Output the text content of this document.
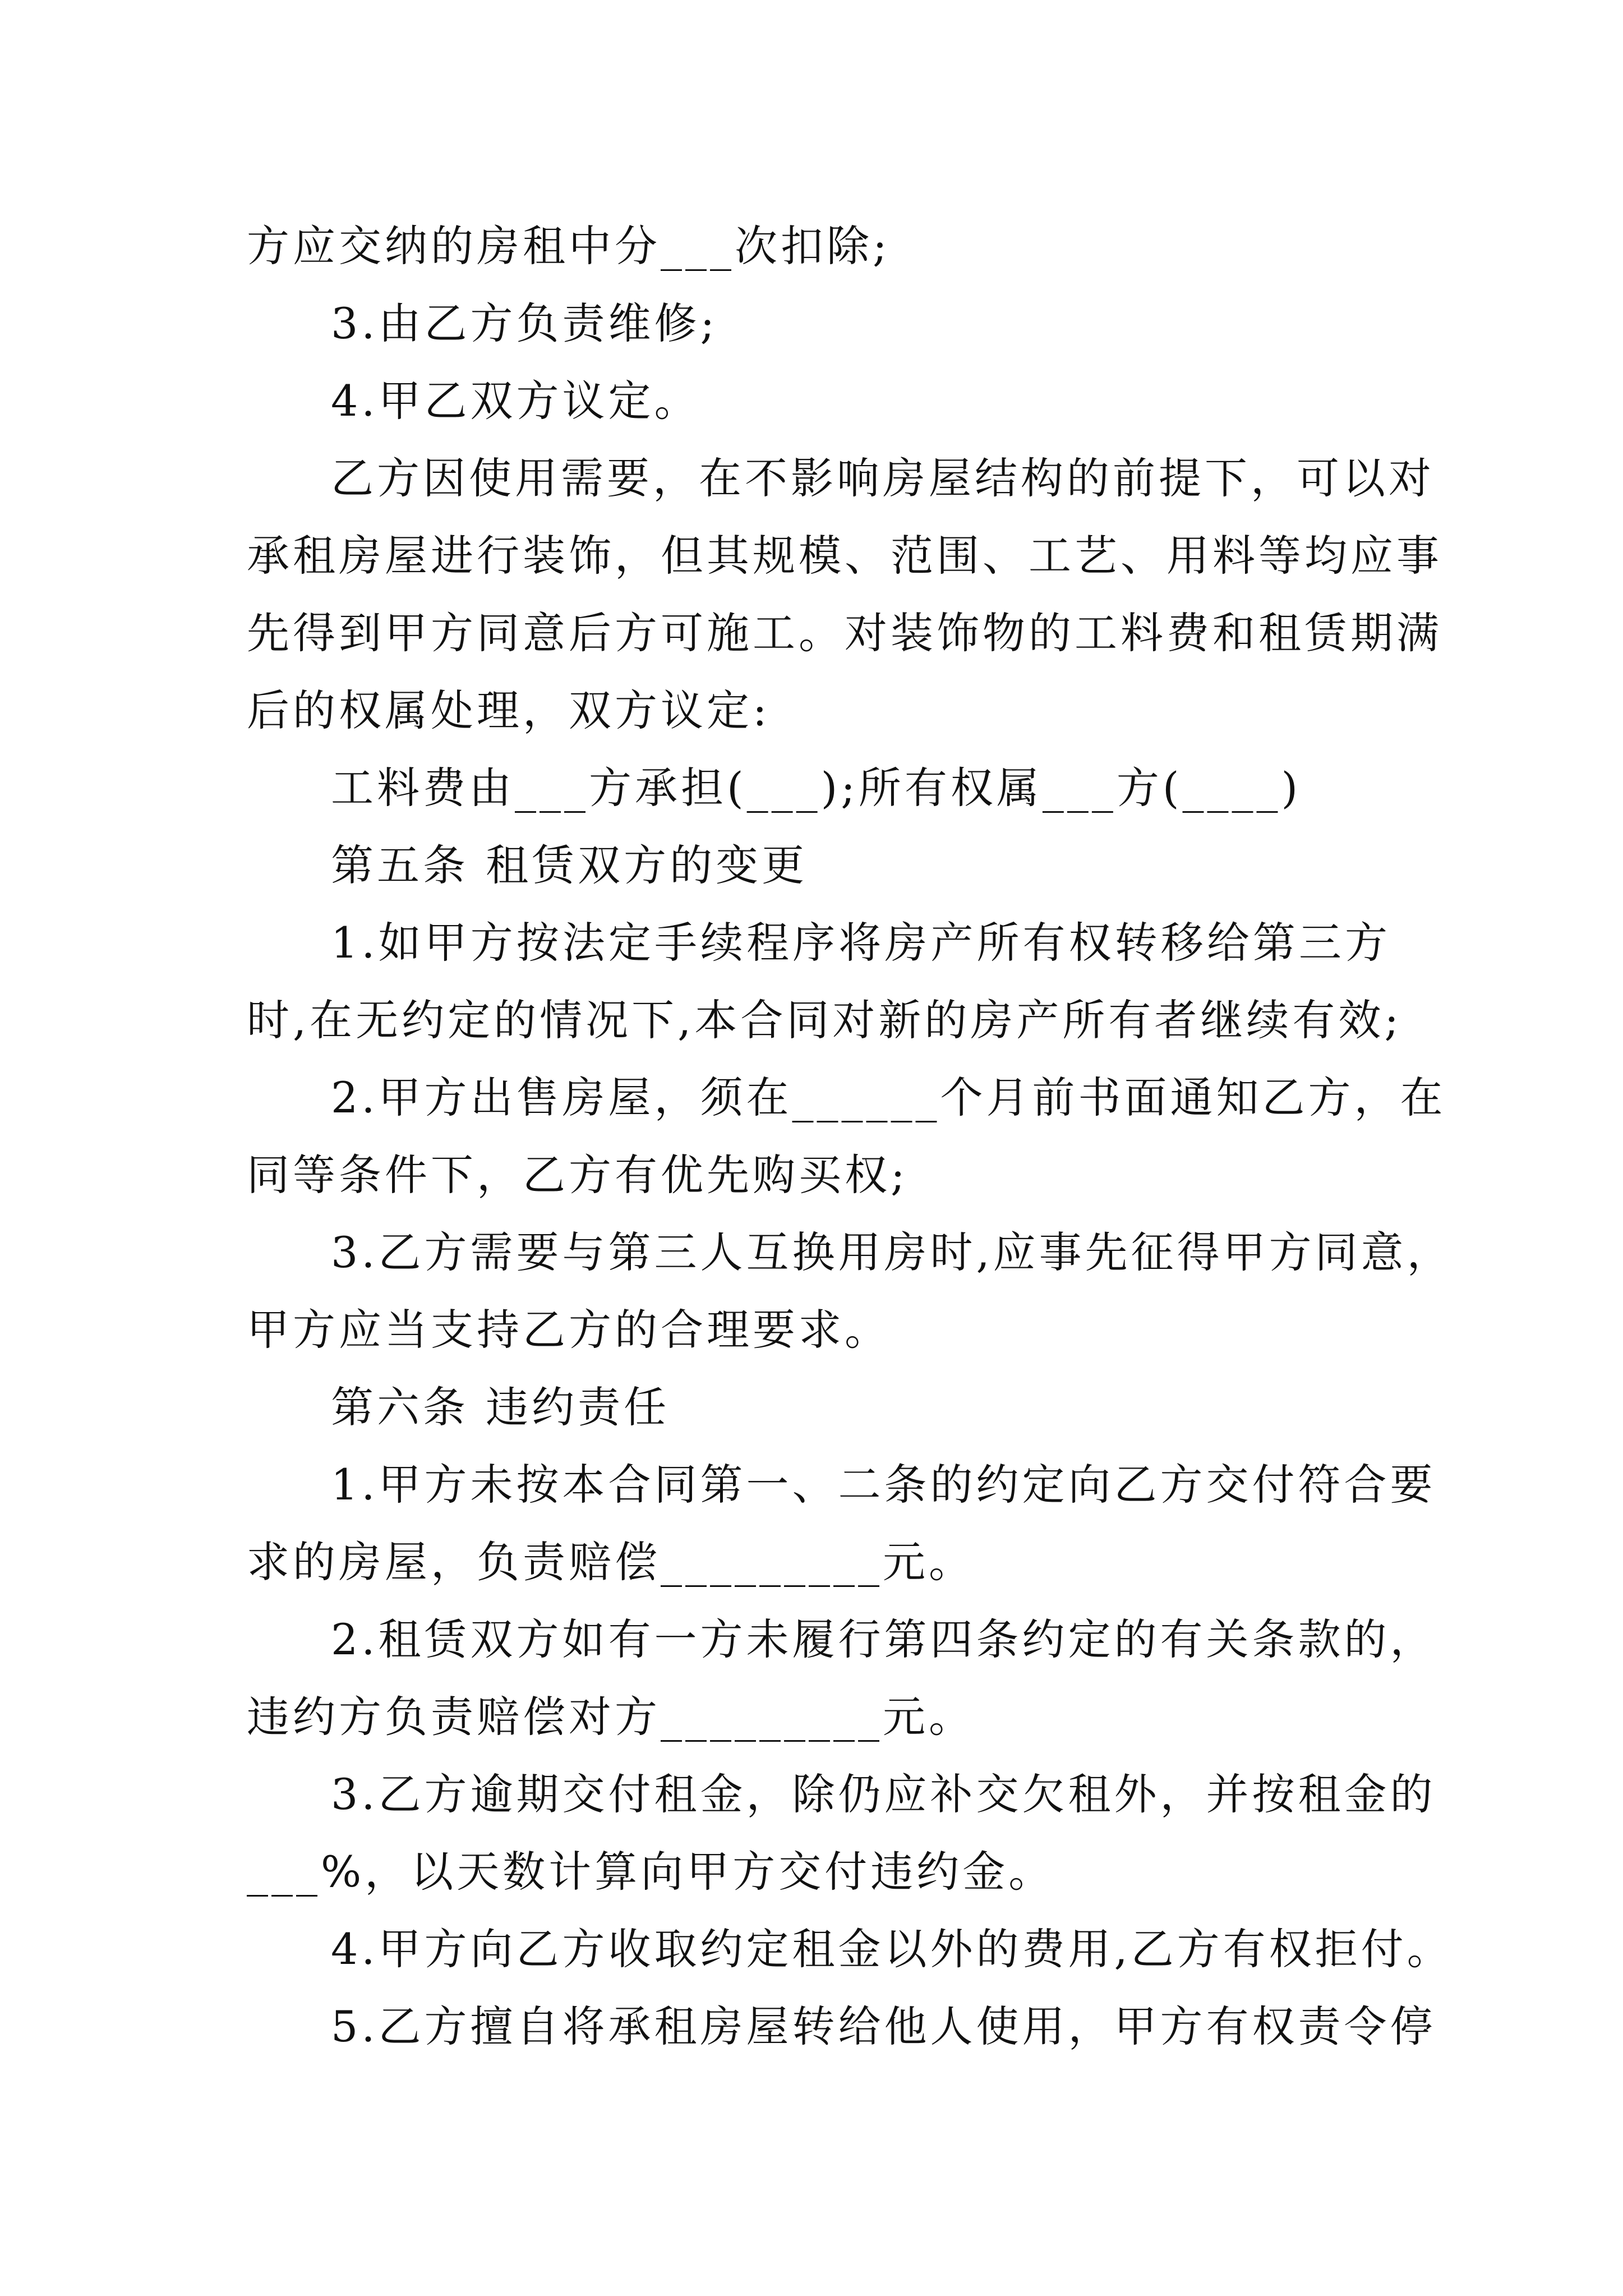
方应交纳的房租中分___次扣除;
3.由乙方负责维修;
4.甲乙双方议定。
乙方因使用需要，在不影响房屋结构的前提下，可以对
承租房屋进行装饰，但其规模、范围、工艺、用料等均应事
先得到甲方同意后方可施工。对装饰物的工料费和租赁期满
后的权属处理，双方议定:
工料费由___方承担(___);所有权属___方(____)
第五条 租赁双方的变更
1.如甲方按法定手续程序将房产所有权转移给第三方
时,在无约定的情况下,本合同对新的房产所有者继续有效;
2.甲方出售房屋，须在______个月前书面通知乙方，在
同等条件下，乙方有优先购买权;
3.乙方需要与第三人互换用房时,应事先征得甲方同意，
甲方应当支持乙方的合理要求。
第六条 违约责任
1.甲方未按本合同第一、二条的约定向乙方交付符合要
求的房屋，负责赔偿_________元。
2.租赁双方如有一方未履行第四条约定的有关条款的，
违约方负责赔偿对方_________元。
3.乙方逾期交付租金，除仍应补交欠租外，并按租金的
___%，以天数计算向甲方交付违约金。
4.甲方向乙方收取约定租金以外的费用,乙方有权拒付。
5.乙方擅自将承租房屋转给他人使用，甲方有权责令停
